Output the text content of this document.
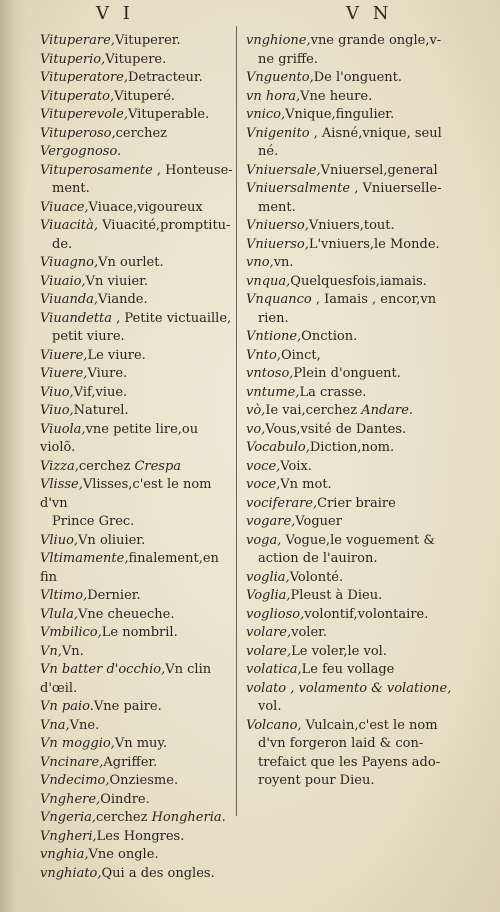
V I	V N

Vituperare,Vituperer.

Vituperio,Vitupere.

Vituperatore,Detracteur.

Vituperato,Vituperé.

Vituperevole,Vituperable.

Vituperoso,cerchez Vergognoso.

Vituperosamente , Honteuse-
ment.

Viuace,Viuace,vigoureux

Viuacità, Viuacité,promptitu-
de.

Viuagno,Vn ourlet.

Viuaio,Vn viuier.

Viuanda,Viande.

Viuandetta , Petite victuaille,
petit viure.

Viuere,Le viure.

Viuere,Viure.

Viuo,Vif,viue.

Viuo,Naturel.

Viuola,vne petite lire,ou violõ.

Vizza,cerchez Crespa

Vlisse,Vlisses,c'est le nom d'vn
Prince Grec.

Vliuo,Vn oliuier.

Vltimamente,finalement,en fin

Vltimo,Dernier.

Vlula,Vne cheueche.

Vmbilico,Le nombril.

Vn,Vn.

Vn batter d'occhio,Vn clin d'œil.

Vn paio.Vne paire.

Vna,Vne.

Vn moggio,Vn muy.

Vncinare,Agriffer.

Vndecimo,Onziesme.

Vnghere,Oindre.

Vngeria,cerchez Hongheria.

Vngheri,Les Hongres.

vnghia,Vne ongle.

vnghiato,Qui a des ongles.

vnghione,vne grande ongle,v-
ne griffe.

Vnguento,De l'onguent.

vn hora,Vne heure.

vnico,Vnique,fingulier.

Vnigenito , Aisné,vnique, seul
né.

Vniuersale,Vniuersel,general

Vniuersalmente , Vniuerselle-
ment.

Vniuerso,Vniuers,tout.

Vniuerso,L'vniuers,le Monde.

vno,vn.

vnqua,Quelquesfois,iamais.

Vnquanco , Iamais , encor,vn
rien.

Vntione,Onction.

Vnto,Oinct,

vntoso,Plein d'onguent.

vntume,La crasse.

vò,Ie vai,cerchez Andare.

vo,Vous,vsité de Dantes.

Vocabulo,Diction,nom.

voce,Voix.

voce,Vn mot.

vociferare,Crier braire

vogare,Voguer

voga, Vogue,le voguement &
action de l'auiron.

voglia,Volonté.

Voglia,Pleust à Dieu.

voglioso,volontif,volontaire.

volare,voler.

volare,Le voler,le vol.

volatica,Le feu vollage

volato , volamento & volatione,
vol.

Volcano, Vulcain,c'est le nom
d'vn forgeron laid & con-
trefaict que les Payens ado-
royent pour Dieu.
